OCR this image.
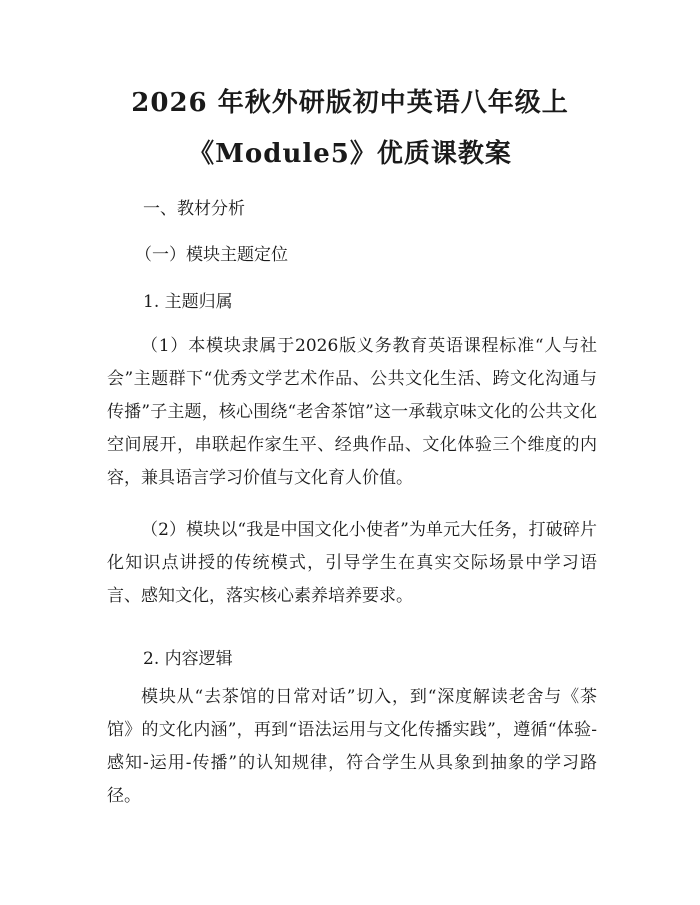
2026 年秋外研版初中英语八年级上
《Module5》优质课教案
一、教材分析
（一）模块主题定位
1. 主题归属

（1）本模块隶属于2026版义务教育英语课程标准“人与社会”主题群下“优秀文学艺术作品、公共文化生活、跨文化沟通与传播”子主题，核心围绕“老舍茶馆”这一承载京味文化的公共文化空间展开，串联起作家生平、经典作品、文化体验三个维度的内容，兼具语言学习价值与文化育人价值。

（2）模块以“我是中国文化小使者”为单元大任务，打破碎片化知识点讲授的传统模式，引导学生在真实交际场景中学习语言、感知文化，落实核心素养培养要求。

2. 内容逻辑

模块从“去茶馆的日常对话”切入，到“深度解读老舍与《茶馆》的文化内涵”，再到“语法运用与文化传播实践”，遵循“体验-感知-运用-传播”的认知规律，符合学生从具象到抽象的学习路径。
